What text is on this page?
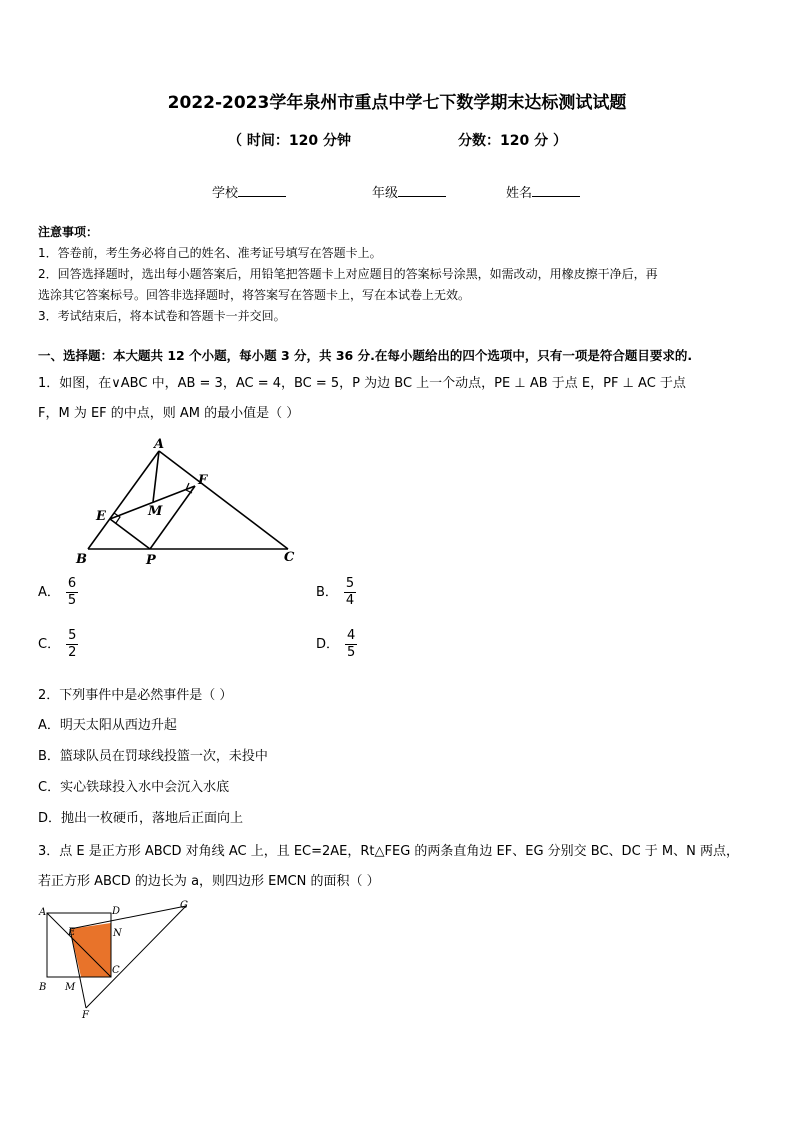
2022-2023学年泉州市重点中学七下数学期末达标测试试题
（ 时间：120 分钟	分数：120 分 ）
学校	年级	姓名
注意事项：
1．答卷前，考生务必将自己的姓名、准考证号填写在答题卡上。
2．回答选择题时，选出每小题答案后，用铅笔把答题卡上对应题目的答案标号涂黑，如需改动，用橡皮擦干净后，再
选涂其它答案标号。回答非选择题时，将答案写在答题卡上，写在本试卷上无效。
3．考试结束后，将本试卷和答题卡一并交回。
一、选择题：本大题共 12 个小题，每小题 3 分，共 36 分.在每小题给出的四个选项中，只有一项是符合题目要求的.
1．如图，在∨ABC 中，AB = 3，AC = 4，BC = 5，P 为边 BC 上一个动点，PE ⊥ AB 于点 E，PF ⊥ AC 于点
F，M 为 EF 的中点，则 AM 的最小值是（ ）
A
B	C
E
F
M
P
A． $\frac{6}{5}$	B． $\frac{5}{4}$
C． $\frac{5}{2}$	D． $\frac{4}{5}$
2．下列事件中是必然事件是（ ）
A．明天太阳从西边升起
B．篮球队员在罚球线投篮一次，未投中
C．实心铁球投入水中会沉入水底
D．抛出一枚硬币，落地后正面向上
3．点 E 是正方形 ABCD 对角线 AC 上，且 EC=2AE，Rt△FEG 的两条直角边 EF、EG 分别交 BC、DC 于 M、N 两点，
若正方形 ABCD 的边长为 a，则四边形 EMCN 的面积（ ）
A	D
G
E	N
C
B M
F
